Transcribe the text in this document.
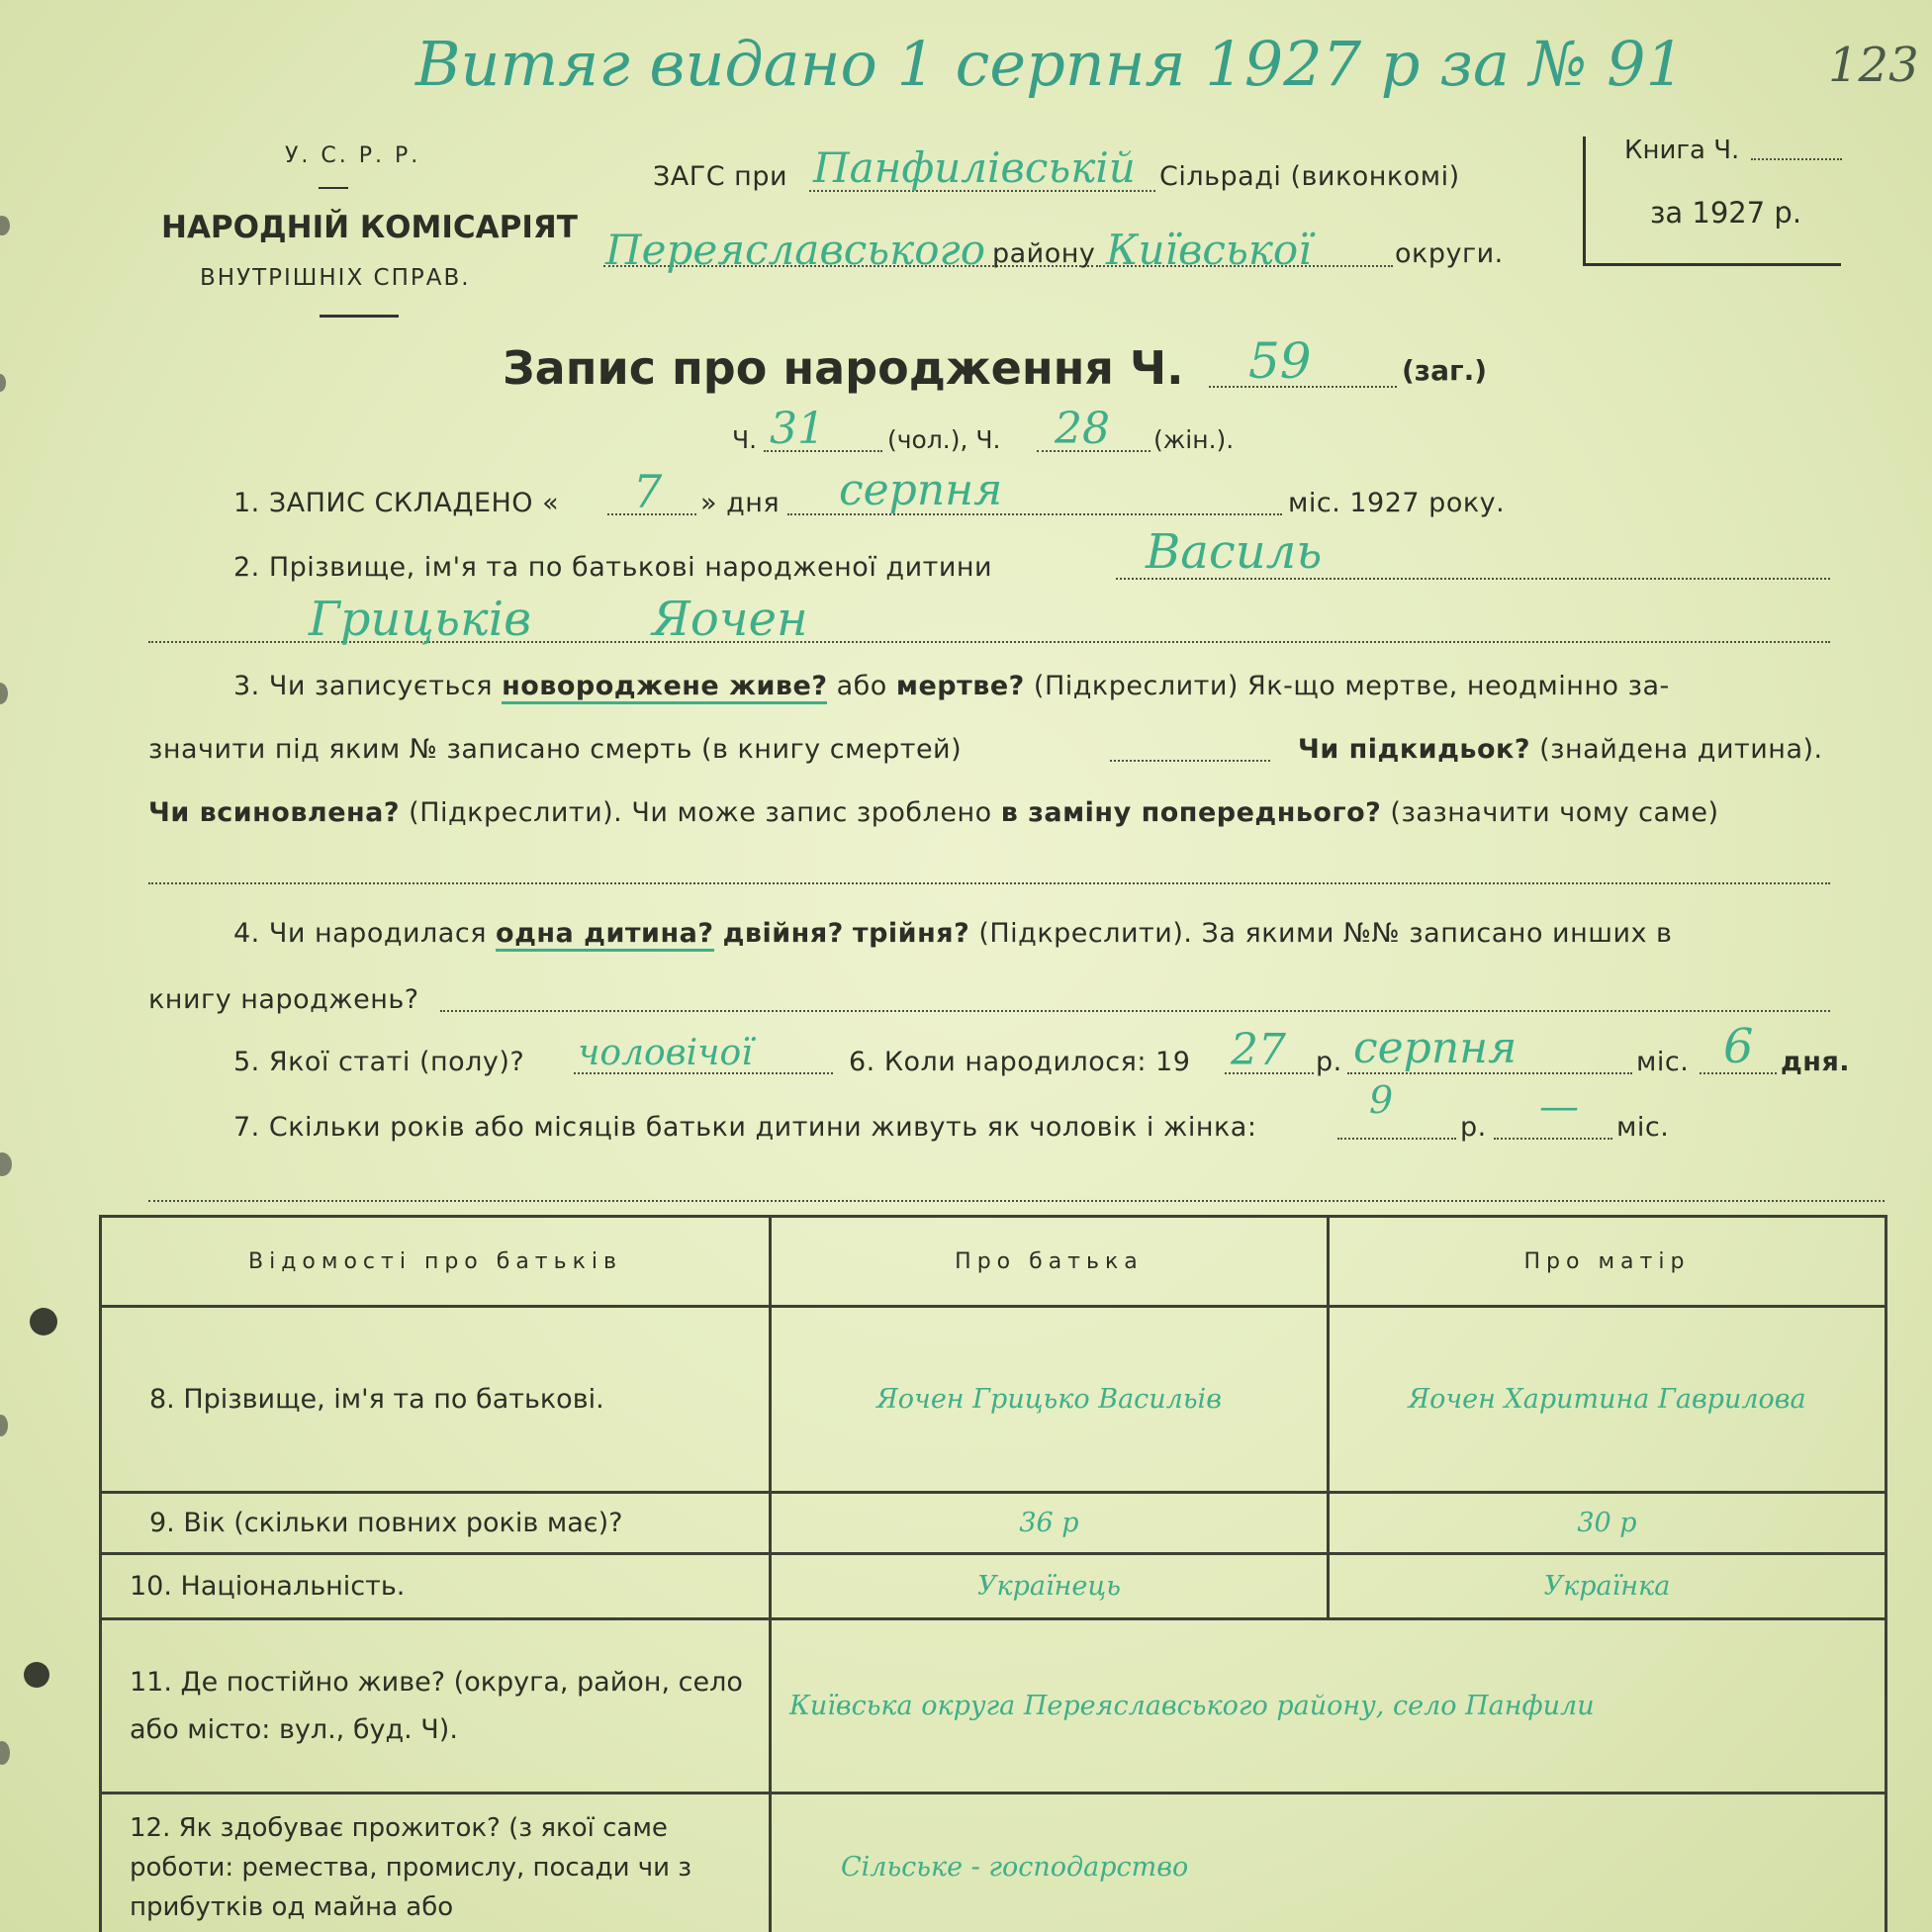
Витяг видано 1 серпня 1927 р за № 91	123
У. С. Р. Р.
НАРОДНІЙ КОМІСАРІЯТ
ВНУТРІШНІХ СПРАВ.
ЗАГС при Панфилівській Сільраді (виконкомі)
Переяславського району Київської	округи.
Книга Ч.
за 1927 р.
Запис про народження Ч. 59	(заг.)
Ч. 31	(чол.), Ч. 28 (жін.).
1. ЗАПИС СКЛАДЕНО « 7 » дня серпня	міс. 1927 року.
2. Прізвище, ім'я та по батькові народженої дитини	Василь
Грицьків        Яочен
3. Чи записується новороджене живе? або мертве? (Підкреслити) Як-що мертве, неодмінно за-
значити під яким № записано смерть (в книгу смертей)	Чи підкидьок? (знайдена дитина).
Чи всиновлена? (Підкреслити). Чи може запис зроблено в заміну попереднього? (зазначити чому саме)
4. Чи народилася одна дитина? двійня? трійня? (Підкреслити). За якими №№ записано инших в
книгу народжень?
5. Якої статі (полу)? чоловічої	6. Коли народилося: 19 27 р. серпня	міс. 6 дня.
7. Скільки років або місяців батьки дитини живуть як чоловік і жінка:
9
р. — міс.
Відомості про батьків	Про батька	Про матір
8. Прізвище, ім'я та по батькові.	Яочен Грицько Васильів	Яочен Харитина Гаврилова
9. Вік (скільки повних років має)?	36 р	30 р
10. Національність.	Українець	Українка
11. Де постійно живе? (округа, район, село або місто: вул., буд. Ч).	Київська округа Переяславського району, село Панфили	
12. Як здобуває прожиток? (з якої саме роботи: ремества, промислу, посади чи з прибутків од майна або	Сільське - господарство	
